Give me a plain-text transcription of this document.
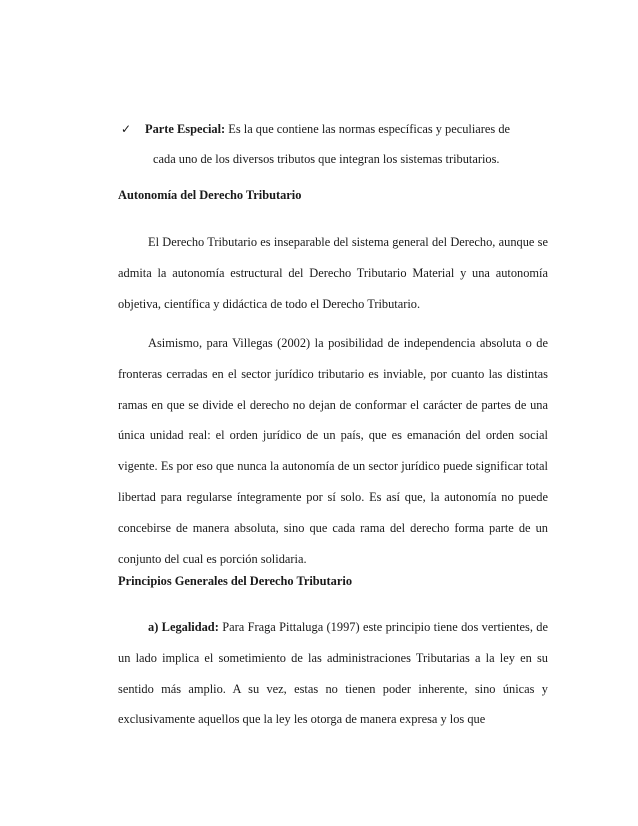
✓	Parte Especial: Es la que contiene las normas específicas y peculiares de
cada uno de los diversos tributos que integran los sistemas tributarios.
Autonomía del Derecho Tributario

El Derecho Tributario es inseparable del sistema general del Derecho, aunque se admita la autonomía estructural del Derecho Tributario Material y una autonomía objetiva, científica y didáctica de todo el Derecho Tributario.

Asimismo, para Villegas (2002) la posibilidad de independencia absoluta o de fronteras cerradas en el sector jurídico tributario es inviable, por cuanto las distintas ramas en que se divide el derecho no dejan de conformar el carácter de partes de una única unidad real: el orden jurídico de un país, que es emanación del orden social vigente. Es por eso que nunca la autonomía de un sector jurídico puede significar total libertad para regularse íntegramente por sí solo. Es así que, la autonomía no puede concebirse de manera absoluta, sino que cada rama del derecho forma parte de un conjunto del cual es porción solidaria.

Principios Generales del Derecho Tributario

a) Legalidad: Para Fraga Pittaluga (1997) este principio tiene dos vertientes, de un lado implica el sometimiento de las administraciones Tributarias a la ley en su sentido más amplio. A su vez, estas no tienen poder inherente, sino únicas y exclusivamente aquellos que la ley les otorga de manera expresa y los que
